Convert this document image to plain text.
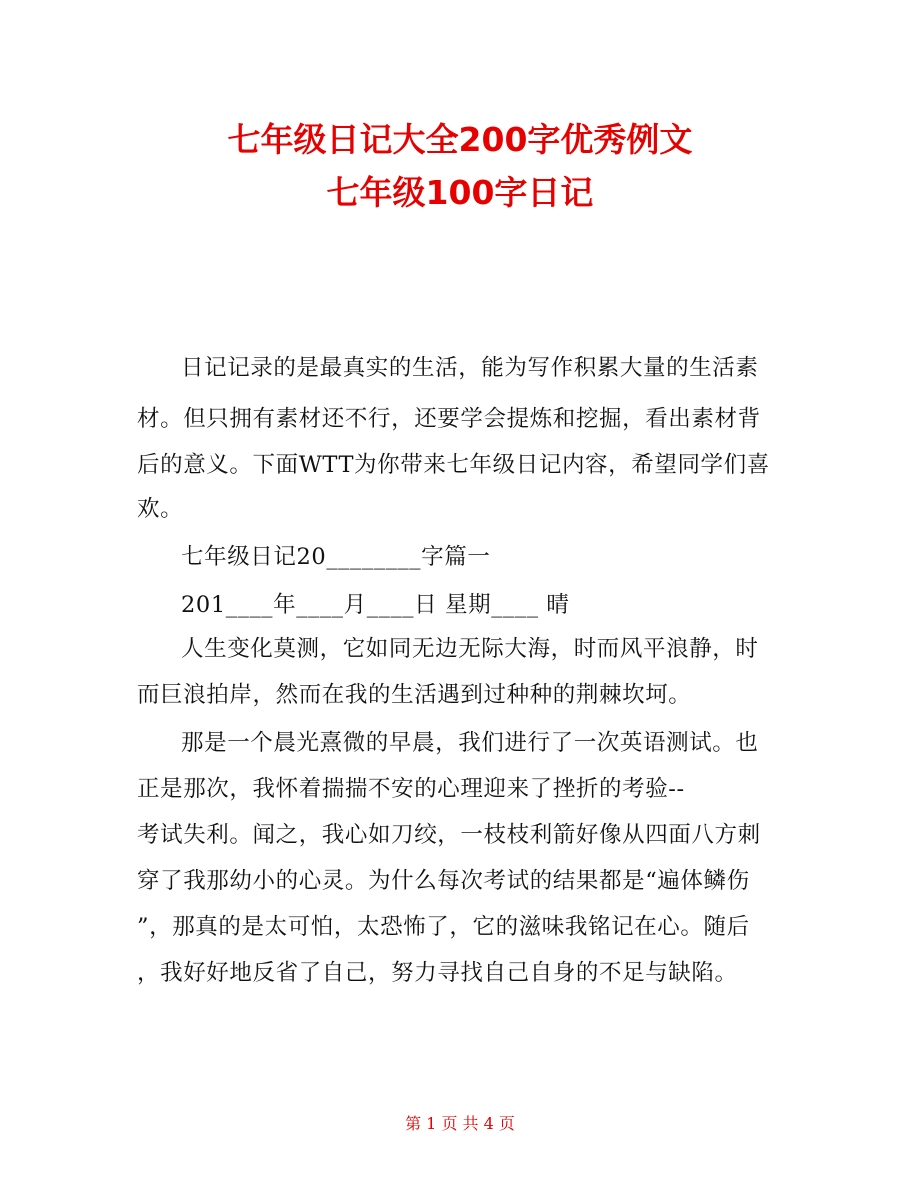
七年级日记大全200字优秀例文
七年级100字日记
日记记录的是最真实的生活，能为写作积累大量的生活素
材。但只拥有素材还不行，还要学会提炼和挖掘，看出素材背
后的意义。下面WTT为你带来七年级日记内容，希望同学们喜
欢。
七年级日记20________字篇一
201____年____月____日 星期____ 晴
人生变化莫测，它如同无边无际大海，时而风平浪静，时
而巨浪拍岸，然而在我的生活遇到过种种的荆棘坎坷。
那是一个晨光熹微的早晨，我们进行了一次英语测试。也
正是那次，我怀着揣揣不安的心理迎来了挫折的考验--
考试失利。闻之，我心如刀绞，一枝枝利箭好像从四面八方刺
穿了我那幼小的心灵。为什么每次考试的结果都是“遍体鳞伤
”，那真的是太可怕，太恐怖了，它的滋味我铭记在心。随后
，我好好地反省了自己，努力寻找自己自身的不足与缺陷。
第 1 页 共 4 页
